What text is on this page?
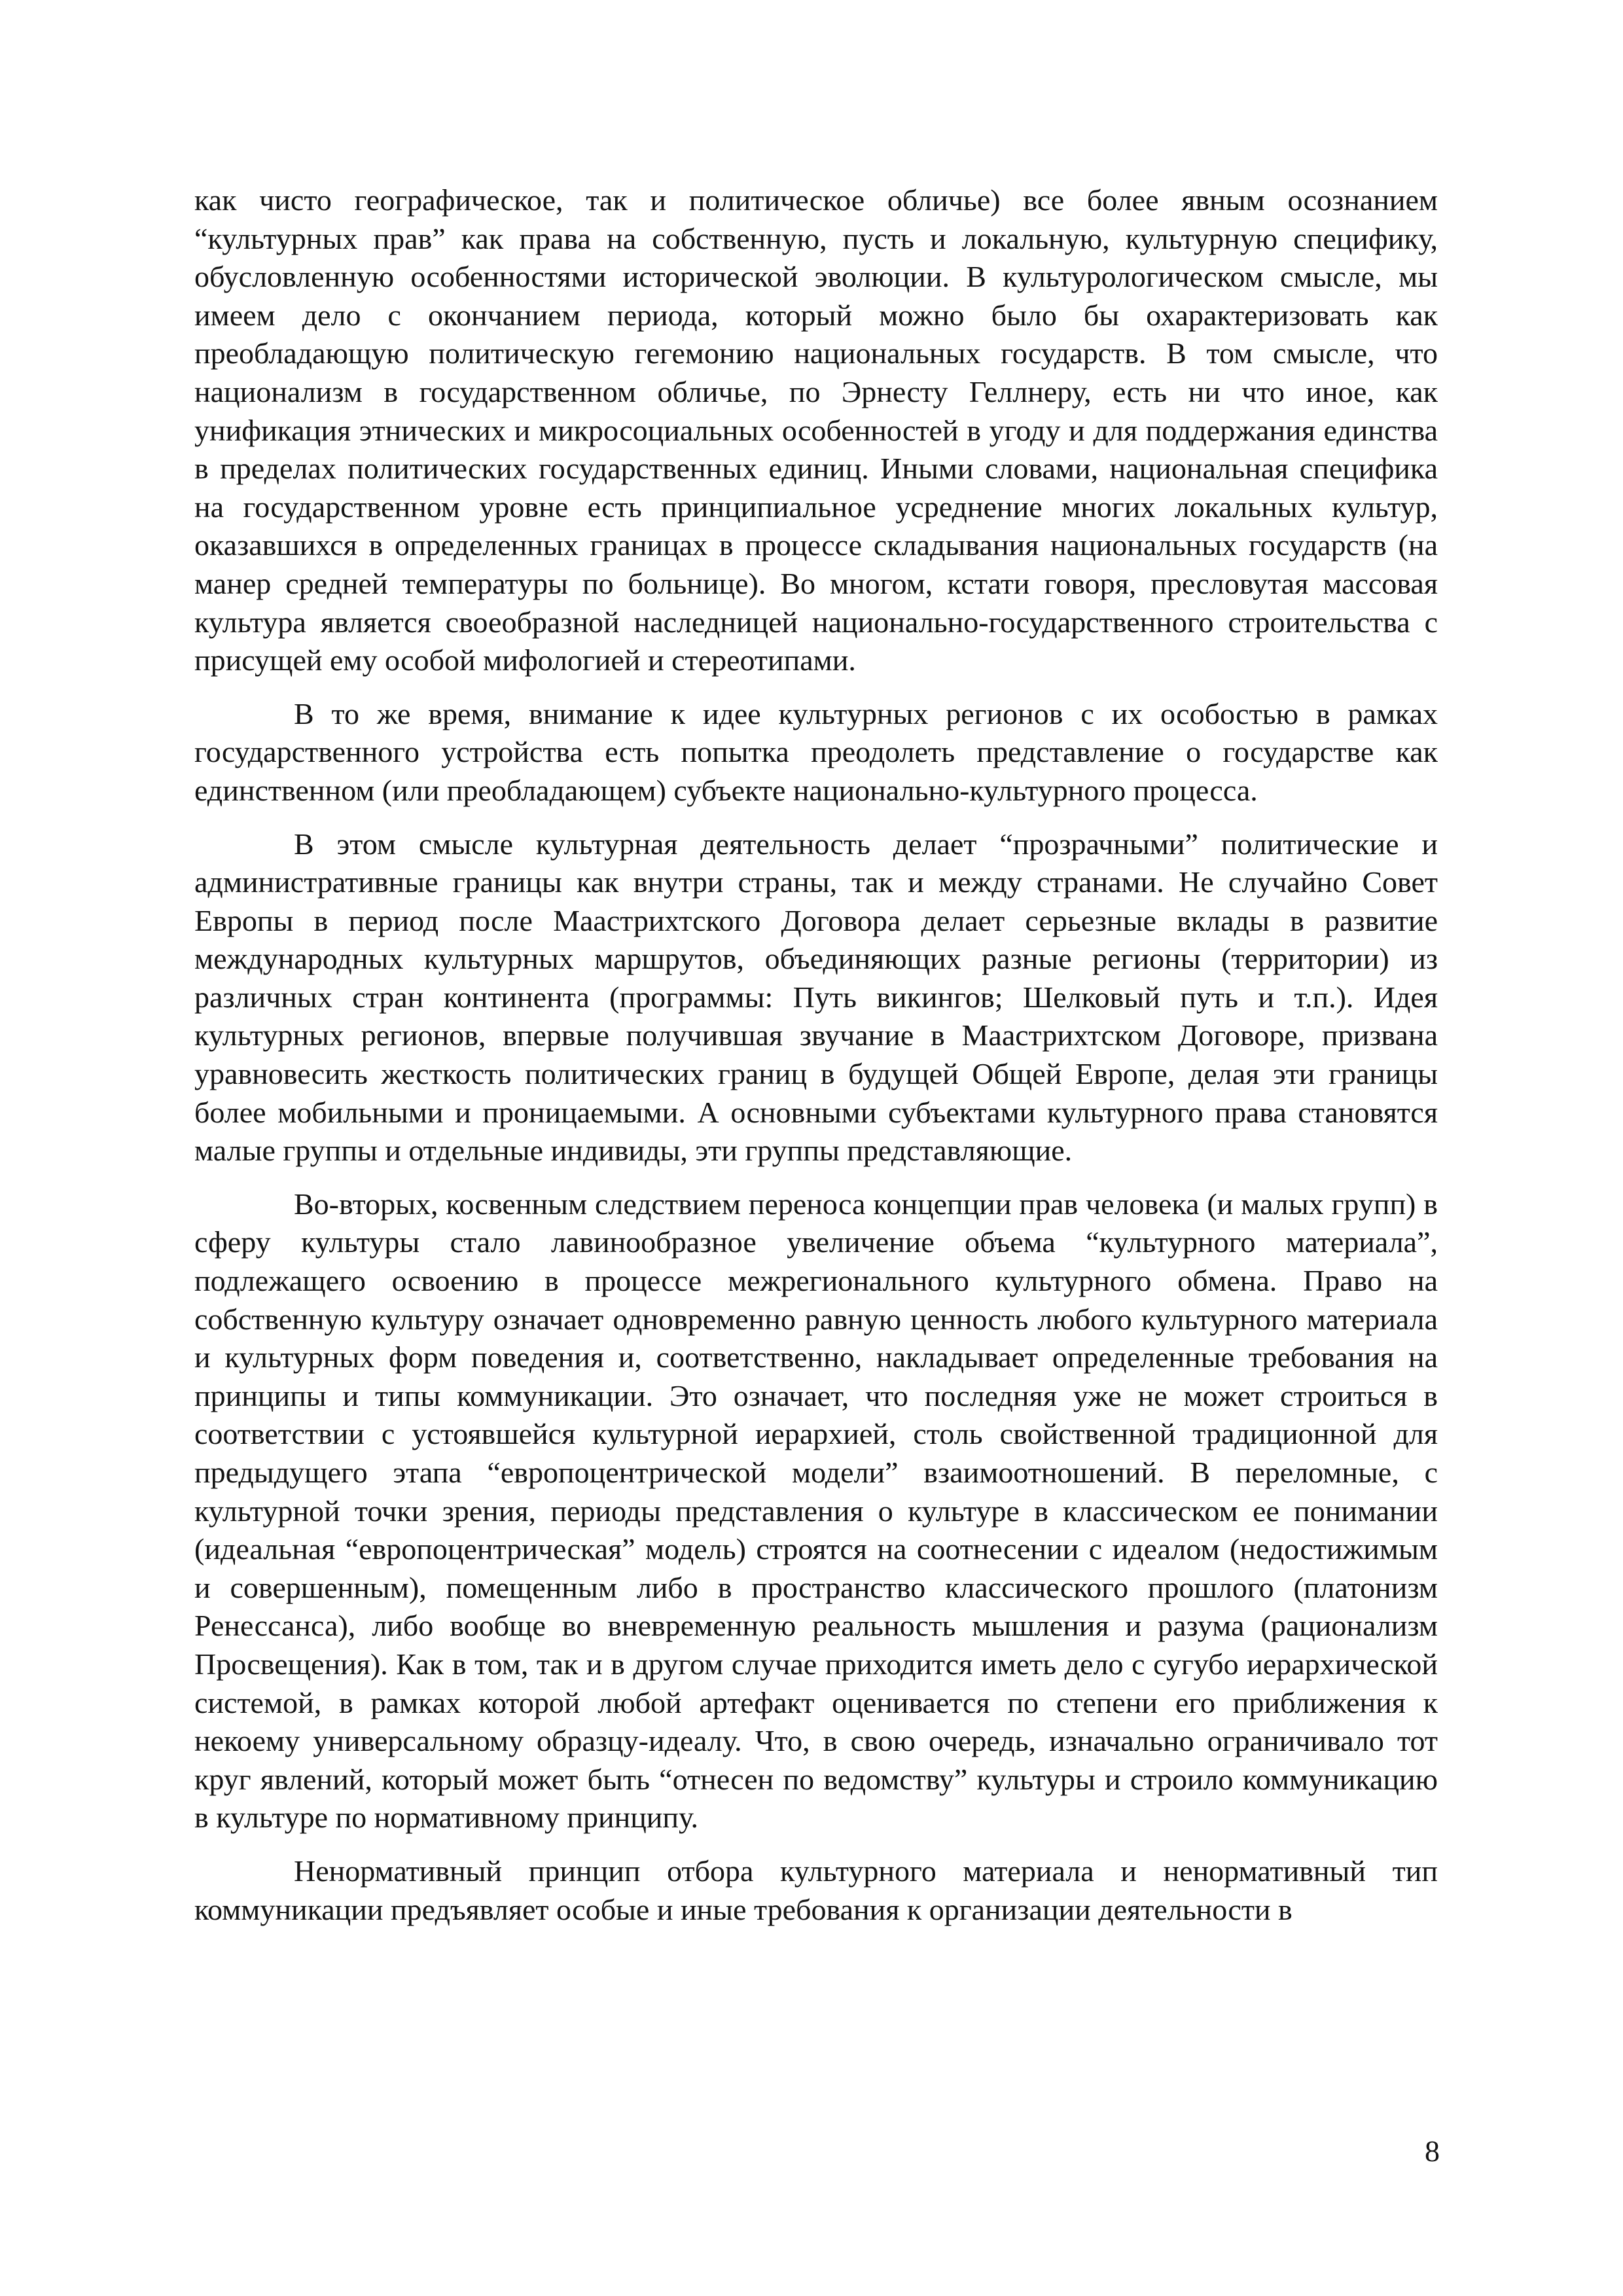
как чисто географическое, так и политическое обличье) все более явным осознанием “культурных прав” как права на собственную, пусть и локальную, культурную специфику, обусловленную особенностями исторической эволюции. В культурологическом смысле, мы имеем дело с окончанием периода, который можно было бы охарактеризовать как преобладающую политическую гегемонию национальных государств. В том смысле, что национализм в государственном обличье, по Эрнесту Геллнеру, есть ни что иное, как унификация этнических и микросоциальных особенностей в угоду и для поддержания единства в пределах политических государственных единиц. Иными словами, национальная специфика на государственном уровне есть принципиальное усреднение многих локальных культур, оказавшихся в определенных границах в процессе складывания национальных государств (на манер средней температуры по больнице). Во многом, кстати говоря, пресловутая массовая культура является своеобразной наследницей национально-государственного строительства с присущей ему особой мифологией и стереотипами.

В то же время, внимание к идее культурных регионов с их особостью в рамках государственного устройства есть попытка преодолеть представление о государстве как единственном (или преобладающем) субъекте национально-культурного процесса.

В этом смысле культурная деятельность делает “прозрачными” политические и административные границы как внутри страны, так и между странами. Не случайно Совет Европы в период после Маастрихтского Договора делает серьезные вклады в развитие международных культурных маршрутов, объединяющих разные регионы (территории) из различных стран континента (программы: Путь викингов; Шелковый путь и т.п.). Идея культурных регионов, впервые получившая звучание в Маастрихтском Договоре, призвана уравновесить жесткость политических границ в будущей Общей Европе, делая эти границы более мобильными и проницаемыми. А основными субъектами культурного права становятся малые группы и отдельные индивиды, эти группы представляющие.

Во-вторых, косвенным следствием переноса концепции прав человека (и малых групп) в сферу культуры стало лавинообразное увеличение объема “культурного материала”, подлежащего освоению в процессе межрегионального культурного обмена. Право на собственную культуру означает одновременно равную ценность любого культурного материала и культурных форм поведения и, соответственно, накладывает определенные требования на принципы и типы коммуникации. Это означает, что последняя уже не может строиться в соответствии с устоявшейся культурной иерархией, столь свойственной традиционной для предыдущего этапа “европоцентрической модели” взаимоотношений. В переломные, с культурной точки зрения, периоды представления о культуре в классическом ее понимании (идеальная “европоцентрическая” модель) строятся на соотнесении с идеалом (недостижимым и совершенным), помещенным либо в пространство классического прошлого (платонизм Ренессанса), либо вообще во вневременную реальность мышления и разума (рационализм Просвещения). Как в том, так и в другом случае приходится иметь дело с сугубо иерархической системой, в рамках которой любой артефакт оценивается по степени его приближения к некоему универсальному образцу-идеалу. Что, в свою очередь, изначально ограничивало тот круг явлений, который может быть “отнесен по ведомству” культуры и строило коммуникацию в культуре по нормативному принципу.

Ненормативный принцип отбора культурного материала и ненормативный тип коммуникации предъявляет особые и иные требования к организации деятельности в

8
